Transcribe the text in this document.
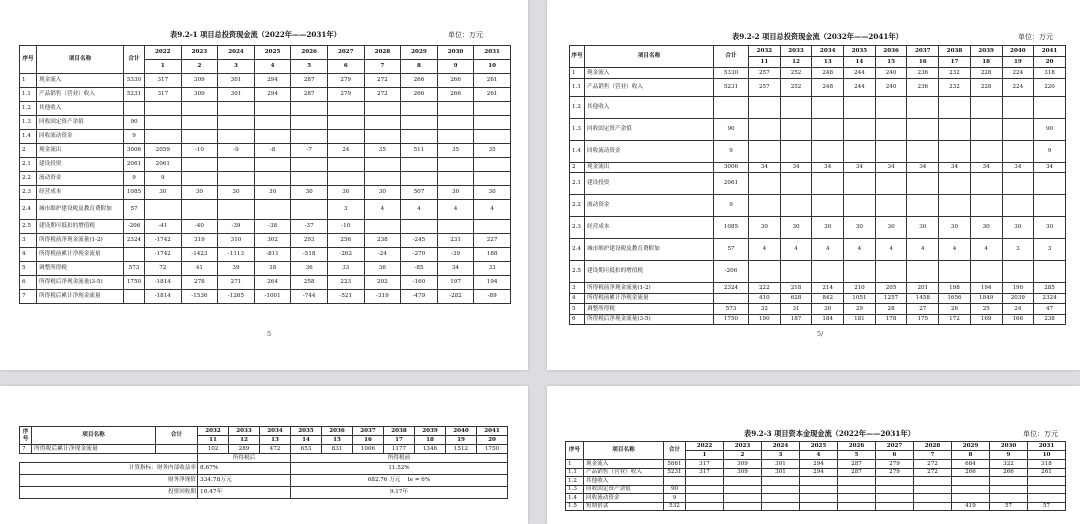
表9.2-1 项目总投资现金流（2022年——2031年）	单位：万元
序号	项目名称	合计	2022	2023	2024	2025	2026	2027	2028	2029	2030	2031
			1	2	3	4	5	6	7	8	9	10
1	现金流入	5330	317	309	301	294	287	279	272	266	266	261
1.1	产品销售（营业）收入	5231	317	309	301	294	287	279	272	266	266	261
1.2	其他收入											
1.3	回收固定资产余值	90										
1.4	回收流动资金	9										
2	现金流出	3006	2059	-10	-9	-8	-7	24	35	511	35	35
2.1	建设投资	2061	2061									
2.2	流动资金	9	9									
2.3	经营成本	1085	30	30	30	30	30	30	30	507	30	30
2.4	城市维护建设税及教育费附加	57						3	4	4	4	4
2.5	建设期可抵扣的增值税	-206	-41	-40	-39	-38	-37	-10				
3	所得税前净现金流量(1-2)	2324	-1742	319	310	302	293	256	238	-245	231	227
4	所得税前累计净现金流量		-1742	-1423	-1113	-811	-518	-262	-24	-270	-39	188
5	调整所得税	573	72	41	39	38	36	33	36	-85	34	33
6	所得税后净现金流量(3-5)	1750	-1814	278	271	264	258	223	202	-160	197	194
7	所得税后累计净现金流量		-1814	-1536	-1265	-1001	-744	-521	-319	-479	-282	-89
5
表9.2-2 项目总投资现金流（2032年——2041年）	单位：万元
序号	项目名称	合计	2032	2033	2034	2035	2036	2037	2038	2039	2040	2041
			11	12	13	14	15	16	17	18	19	20
1	现金流入	5330	257	252	248	244	240	236	232	228	224	318
1.1	产品销售（营业）收入	5231	257	252	248	244	240	236	232	228	224	220
1.2	其他收入											
1.3	回收固定资产余值	90										90
1.4	回收流动资金	9										9
2	现金流出	3006	34	34	34	34	34	34	34	34	34	34
2.1	建设投资	2061										
2.2	流动资金	9										
2.3	经营成本	1085	30	30	30	30	30	30	30	30	30	30
2.4	城市维护建设税及教育费附加	57	4	4	4	4	4	4	4	4	3	3
2.5	建设期可抵扣的增值税	-206										
3	所得税前净现金流量(1-2)	2324	222	218	214	210	205	201	198	194	190	285
4	所得税前累计净现金流量		410	628	842	1051	1257	1458	1656	1849	2039	2324
5	调整所得税	573	32	31	30	29	28	27	26	25	24	47
6	所得税后净现金流量(3-5)	1750	190	187	184	181	178	175	172	169	166	238
5/
序号	项目名称	合计	2032	2033	2034	2035	2036	2037	2038	2039	2040	2041
			11	12	13	14	15	16	17	18	19	20
7	所得税后累计净现金流量		102	289	472	653	831	1006	1177	1346	1512	1750
			所得税后			所得税前						
计算指标：财务内部收益率			8.67%			11.52%						
财务净现值			334.78万元			682.76 万元 Ie = 6%						
投资回收期			10.47年			9.17年						
表9.2-3 项目资本金现金流（2022年——2031年）	单位：万元
序号	项目名称	合计	2022	2023	2024	2025	2026	2027	2028	2029	2030	2031
			1	2	3	4	5	6	7	8	9	10
1	现金流入	5861	317	309	301	294	287	279	272	684	322	318
1.1	产品销售（营业）收入	5231	317	309	301	294	287	279	272	266	266	261
1.2	其他收入											
1.3	回收固定资产余值	90										
1.4	回收流动资金	9										
1.5	短期借款	532								419	57	57
